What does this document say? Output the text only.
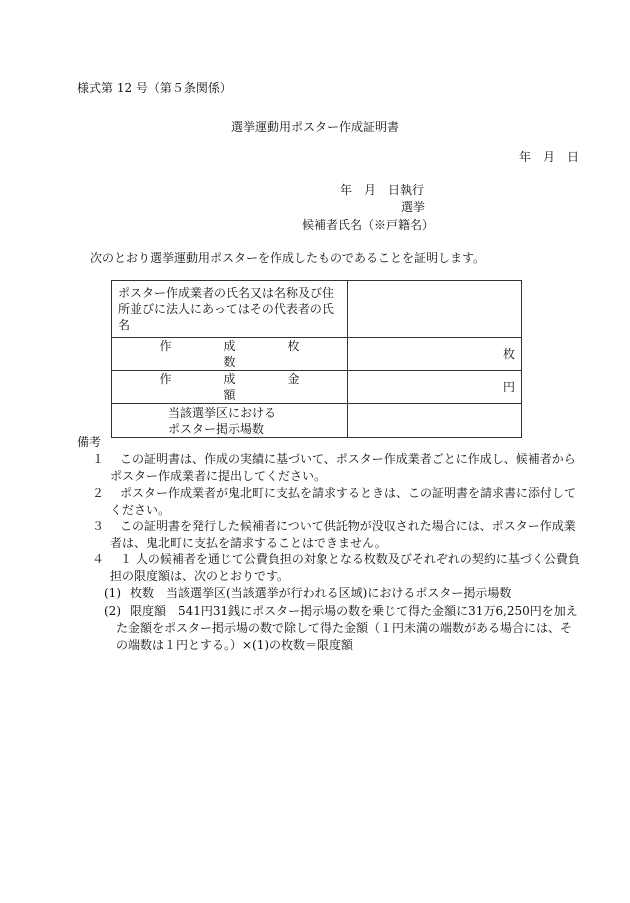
様式第 12 号（第５条関係）
選挙運動用ポスター作成証明書
年　月　日
年　月　日執行
選挙
候補者氏名（※戸籍名）
次のとおり選挙運動用ポスターを作成したものであることを証明します。
ポスター作成業者の氏名又は名称及び住所並びに法人にあってはその代表者の氏名	

作　成　枚　数	枚

作　成　金　額	円

当該選挙区における
ポスター掲示場数	

備考
１	この証明書は、作成の実績に基づいて、ポスター作成業者ごとに作成し、候補者から
ポスター作成業者に提出してください。
２	ポスター作成業者が鬼北町に支払を請求するときは、この証明書を請求書に添付して
ください。
３	この証明書を発行した候補者について供託物が没収された場合には、ポスター作成業
者は、鬼北町に支払を請求することはできません。
４	１ 人の候補者を通じて公費負担の対象となる枚数及びそれぞれの契約に基づく公費負
担の限度額は、次のとおりです。
(1) 枚数　当該選挙区(当該選挙が行われる区域)におけるポスター掲示場数
(2) 限度額　541円31銭にポスター掲示場の数を乗じて得た金額に31万6,250円を加え
た金額をポスター掲示場の数で除して得た金額（１円未満の端数がある場合には、そ
の端数は１円とする。）×(1)の枚数＝限度額
